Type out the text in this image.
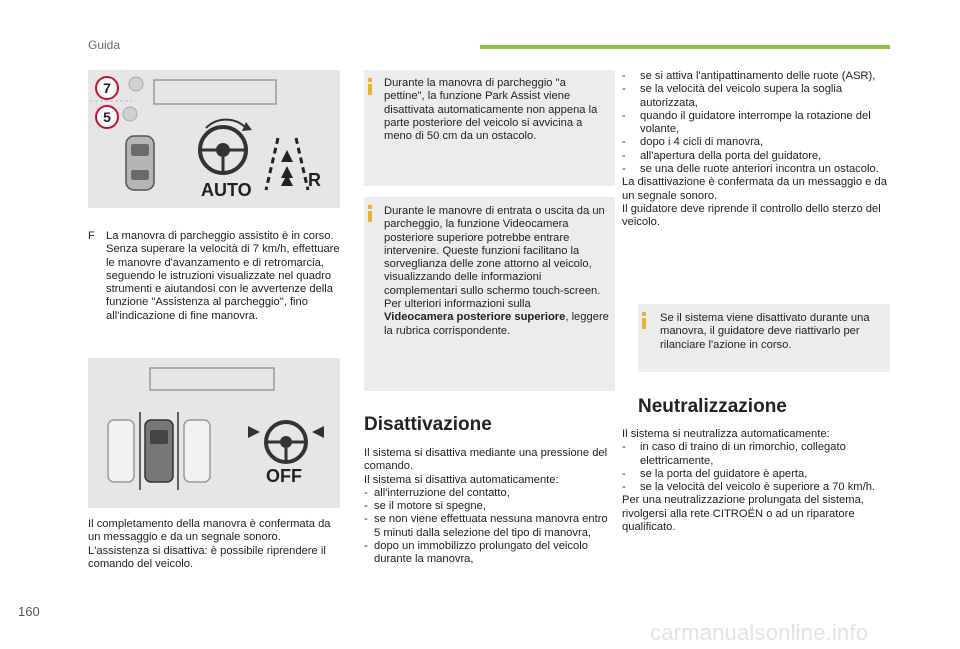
Guida
7
5
AUTO	R
F La manovra di parcheggio assistito è in corso. Senza superare la velocità di 7 km/h, effettuare le manovre d'avanzamento e di retromarcia, seguendo le istruzioni visualizzate nel quadro strumenti e aiutandosi con le avvertenze della funzione "Assistenza al parcheggio", fino all'indicazione di fine manovra.
OFF
Il completamento della manovra è confermata da un messaggio e da un segnale sonoro. L'assistenza si disattiva: è possibile riprendere il comando del veicolo.
Durante la manovra di parcheggio "a pettine", la funzione Park Assist viene disattivata automaticamente non appena la parte posteriore del veicolo si avvicina a meno di 50 cm da un ostacolo.
Durante le manovre di entrata o uscita da un parcheggio, la funzione Videocamera posteriore superiore potrebbe entrare intervenire. Queste funzioni facilitano la sorveglianza delle zone attorno al veicolo, visualizzando delle informazioni complementari sullo schermo touch-screen.
Per ulteriori informazioni sulla
Videocamera posteriore superiore, leggere la rubrica corrispondente.
Disattivazione
Il sistema si disattiva mediante una pressione del comando.
Il sistema si disattiva automaticamente:
- all'interruzione del contatto,
- se il motore si spegne,
- se non viene effettuata nessuna manovra entro 5 minuti dalla selezione del tipo di manovra,
- dopo un immobilizzo prolungato del veicolo durante la manovra,
-	se si attiva l'antipattinamento delle ruote (ASR),
-	se la velocità del veicolo supera la soglia autorizzata,
-	quando il guidatore interrompe la rotazione del volante,
-	dopo i 4 cicli di manovra,
-	all'apertura della porta del guidatore,
-	se una delle ruote anteriori incontra un ostacolo.
La disattivazione è confermata da un messaggio e da un segnale sonoro.
Il guidatore deve riprende il controllo dello sterzo del veicolo.
Se il sistema viene disattivato durante una manovra, il guidatore deve riattivarlo per rilanciare l'azione in corso.
Neutralizzazione
Il sistema si neutralizza automaticamente:
-	in caso di traino di un rimorchio, collegato elettricamente,
-	se la porta del guidatore è aperta,
-	se la velocità del veicolo è superiore a 70 km/h.
Per una neutralizzazione prolungata del sistema, rivolgersi alla rete CITROËN o ad un riparatore qualificato.
160
carmanualsonline.info
